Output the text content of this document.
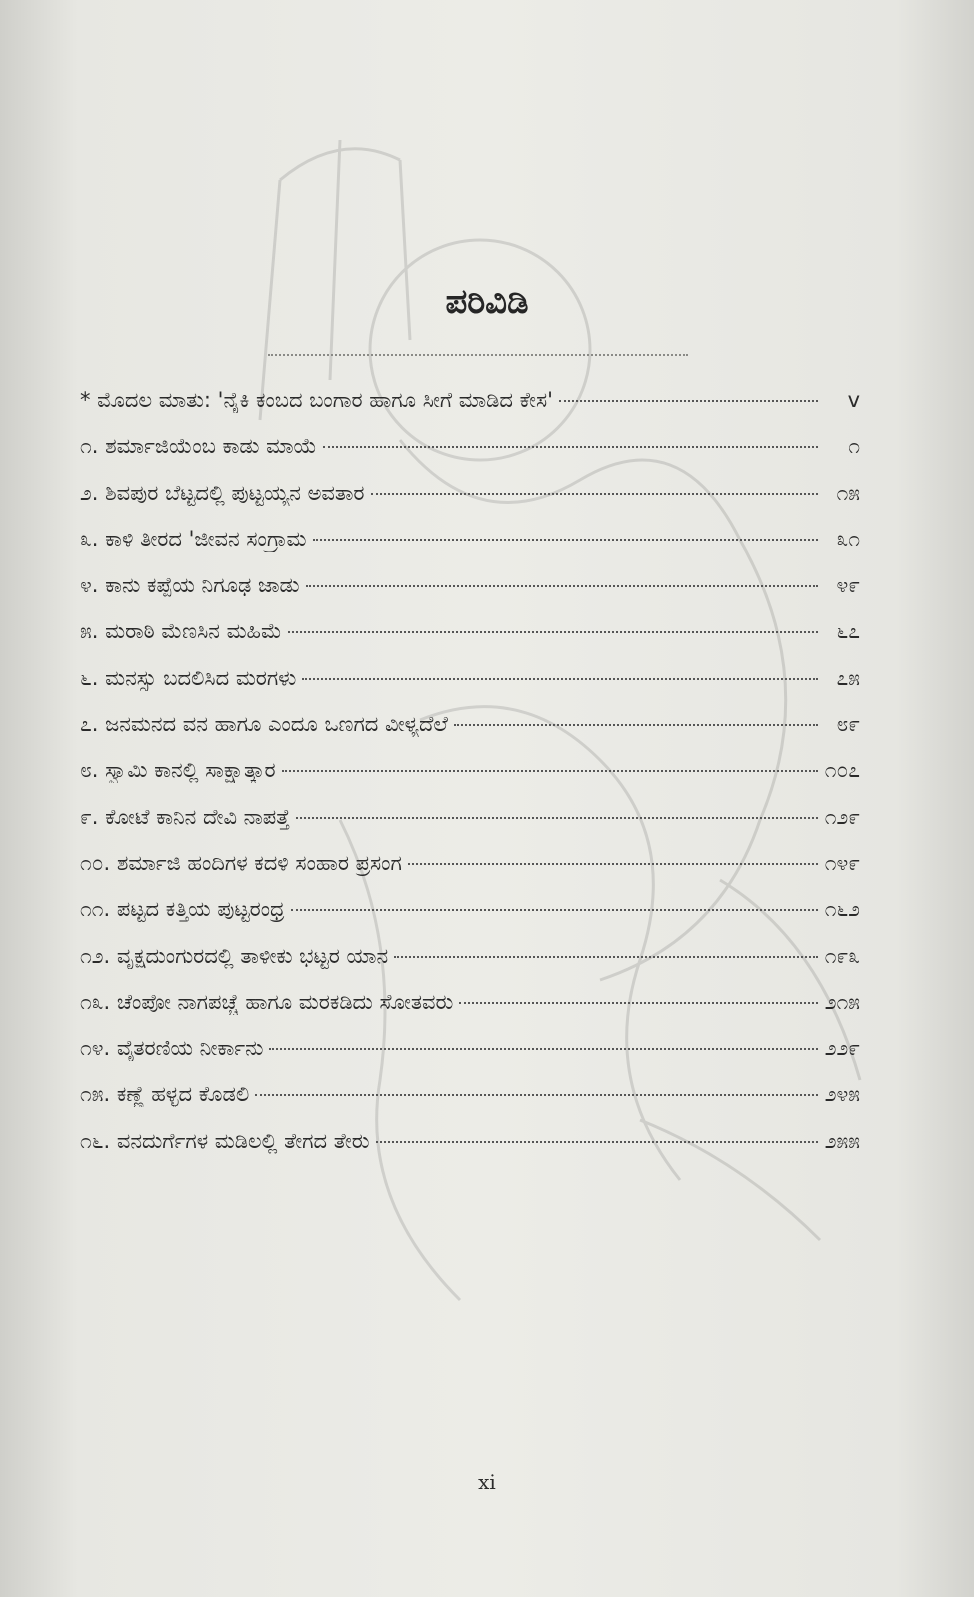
ಪರಿವಿಡಿ
* ಮೊದಲ ಮಾತು: 'ನೈಕಿ ಕಂಬದ ಬಂಗಾರ ಹಾಗೂ ಸೀಗೆ ಮಾಡಿದ ಕೇಸ'	v
೧. ಶರ್ಮಾಜಿಯೆಂಬ ಕಾಡು ಮಾಯೆ	೧
೨. ಶಿವಪುರ ಬೆಟ್ಟದಲ್ಲಿ ಪುಟ್ಟಯ್ಯನ ಅವತಾರ	೧೫
೩. ಕಾಳಿ ತೀರದ 'ಜೀವನ ಸಂಗ್ರಾಮ	೩೧
೪. ಕಾನು ಕಪ್ಪೆಯ ನಿಗೂಢ ಜಾಡು	೪೯
೫. ಮರಾಠಿ ಮೆಣಸಿನ ಮಹಿಮೆ	೬೭
೬. ಮನಸ್ಸು ಬದಲಿಸಿದ ಮರಗಳು	೭೫
೭. ಜನಮನದ ವನ ಹಾಗೂ ಎಂದೂ ಒಣಗದ ವೀಳ್ಯದೆಲೆ	೮೯
೮. ಸ್ವಾಮಿ ಕಾನಲ್ಲಿ ಸಾಕ್ಷಾತ್ಕಾರ	೧೦೭
೯. ಕೋಟೆ ಕಾನಿನ ದೇವಿ ನಾಪತ್ತೆ	೧೨೯
೧೦. ಶರ್ಮಾಜಿ ಹಂದಿಗಳ ಕದಳಿ ಸಂಹಾರ ಪ್ರಸಂಗ	೧೪೯
೧೧. ಪಟ್ಟದ ಕತ್ತಿಯ ಪುಟ್ಟರಂಧ್ರ	೧೬೨
೧೨. ವೃಕ್ಷದುಂಗುರದಲ್ಲಿ ತಾಳೀಕು ಭಟ್ಟರ ಯಾನ	೧೯೩
೧೩. ಚೆಂಪೋ ನಾಗಪಚ್ಚೆ ಹಾಗೂ ಮರಕಡಿದು ಸೋತವರು	೨೧೫
೧೪. ವೈತರಣಿಯ ನೀರ್ಕಾನು	೨೨೯
೧೫. ಕಣ್ಣೆ ಹಳ್ಳದ ಕೊಡಲಿ	೨೪೫
೧೬. ವನದುರ್ಗೆಗಳ ಮಡಿಲಲ್ಲಿ ತೇಗದ ತೇರು	೨೫೫
xi
